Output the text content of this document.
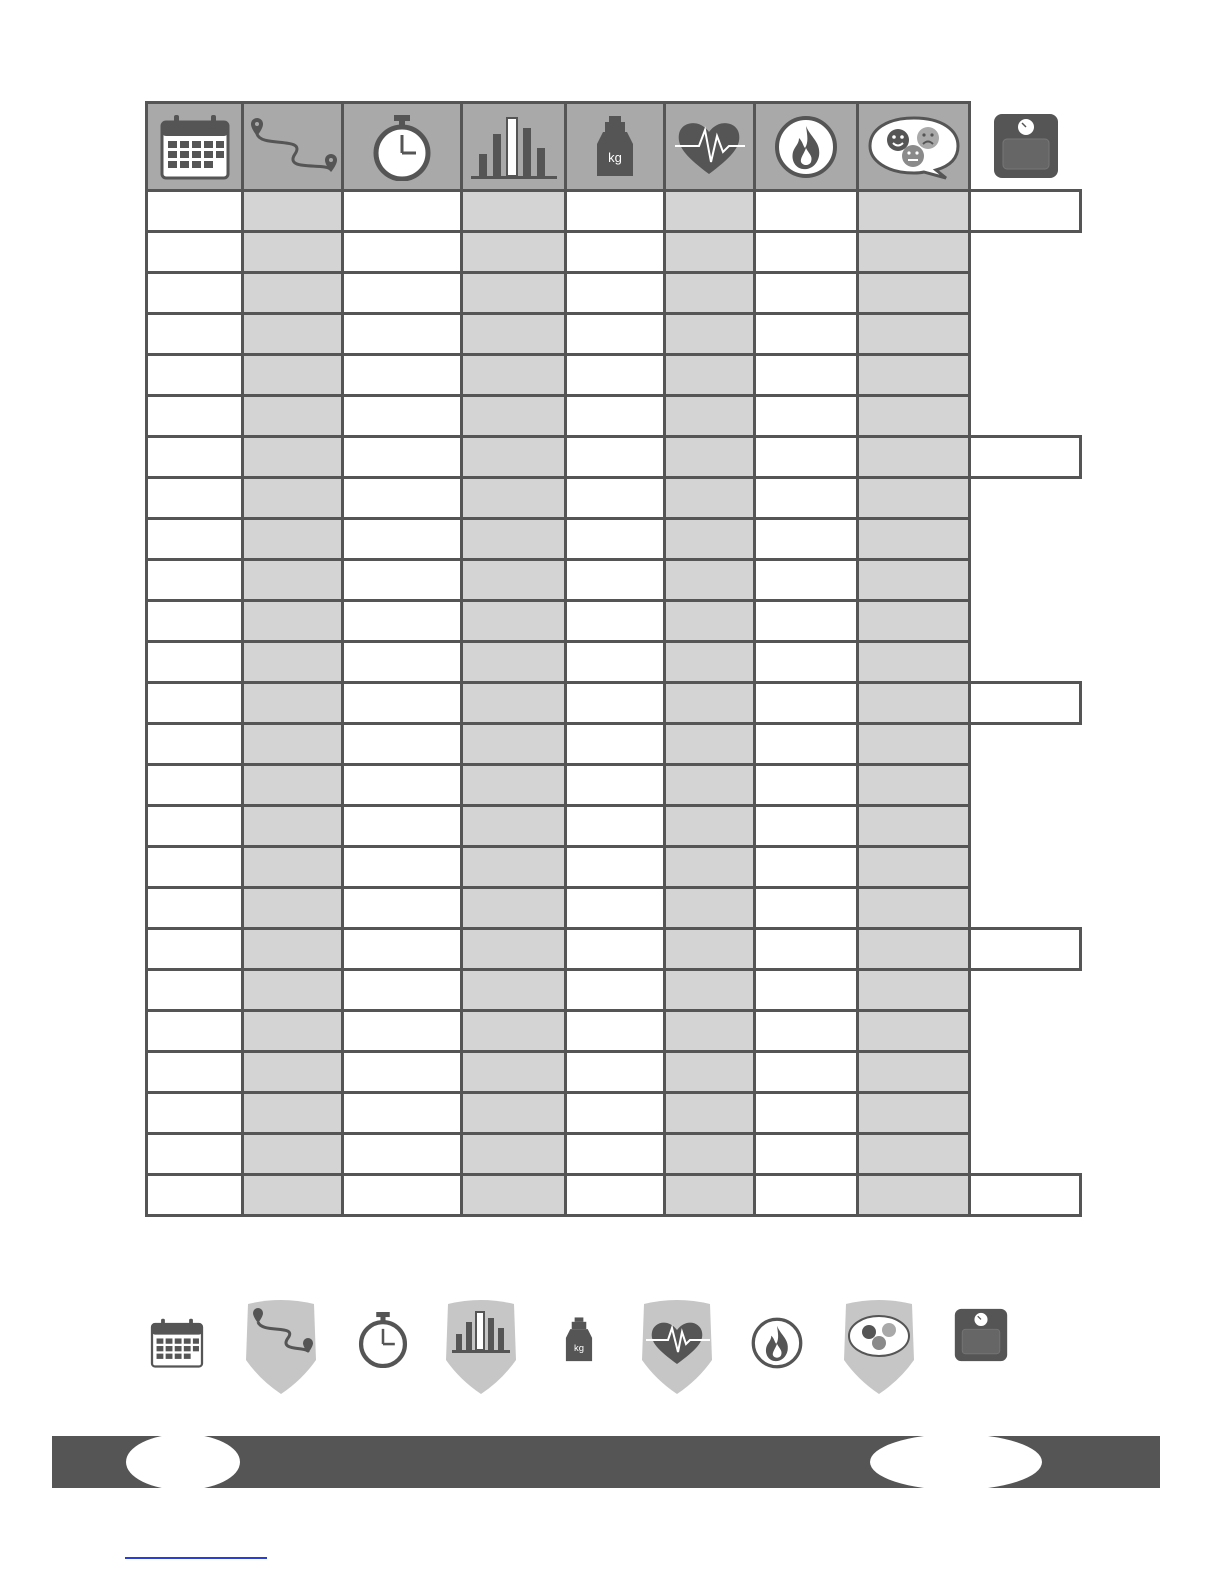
kg

kg
